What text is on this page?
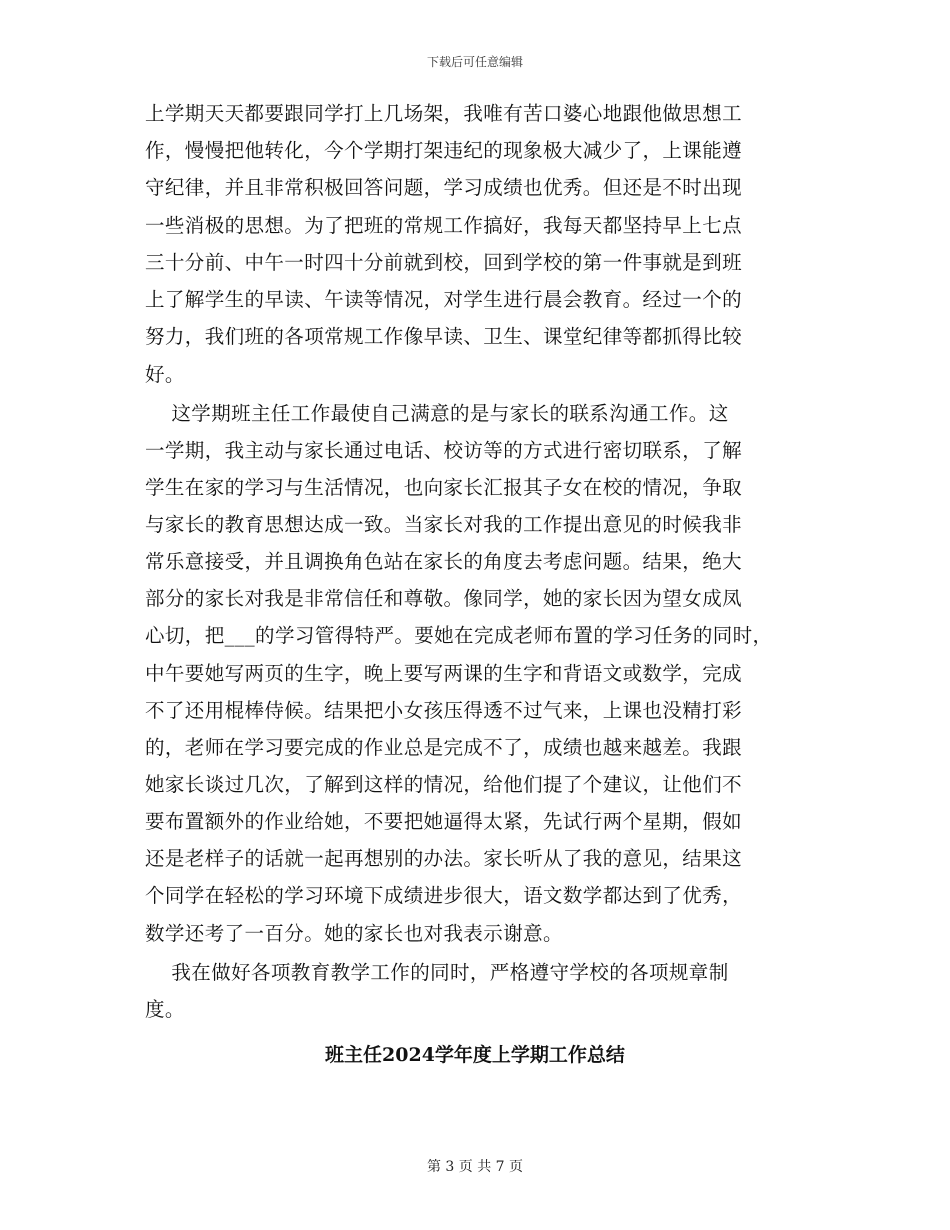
下载后可任意编辑
上学期天天都要跟同学打上几场架，我唯有苦口婆心地跟他做思想工
作，慢慢把他转化，今个学期打架违纪的现象极大减少了，上课能遵
守纪律，并且非常积极回答问题，学习成绩也优秀。但还是不时出现
一些消极的思想。为了把班的常规工作搞好，我每天都坚持早上七点
三十分前、中午一时四十分前就到校，回到学校的第一件事就是到班
上了解学生的早读、午读等情况，对学生进行晨会教育。经过一个的
努力，我们班的各项常规工作像早读、卫生、课堂纪律等都抓得比较
好。
这学期班主任工作最使自己满意的是与家长的联系沟通工作。这
一学期，我主动与家长通过电话、校访等的方式进行密切联系，了解
学生在家的学习与生活情况，也向家长汇报其子女在校的情况，争取
与家长的教育思想达成一致。当家长对我的工作提出意见的时候我非
常乐意接受，并且调换角色站在家长的角度去考虑问题。结果，绝大
部分的家长对我是非常信任和尊敬。像同学，她的家长因为望女成凤
心切，把___的学习管得特严。要她在完成老师布置的学习任务的同时，
中午要她写两页的生字，晚上要写两课的生字和背语文或数学，完成
不了还用棍棒侍候。结果把小女孩压得透不过气来，上课也没精打彩
的，老师在学习要完成的作业总是完成不了，成绩也越来越差。我跟
她家长谈过几次，了解到这样的情况，给他们提了个建议，让他们不
要布置额外的作业给她，不要把她逼得太紧，先试行两个星期，假如
还是老样子的话就一起再想别的办法。家长听从了我的意见，结果这
个同学在轻松的学习环境下成绩进步很大，语文数学都达到了优秀，
数学还考了一百分。她的家长也对我表示谢意。
我在做好各项教育教学工作的同时，严格遵守学校的各项规章制
度。
班主任2024学年度上学期工作总结
第 3 页 共 7 页
